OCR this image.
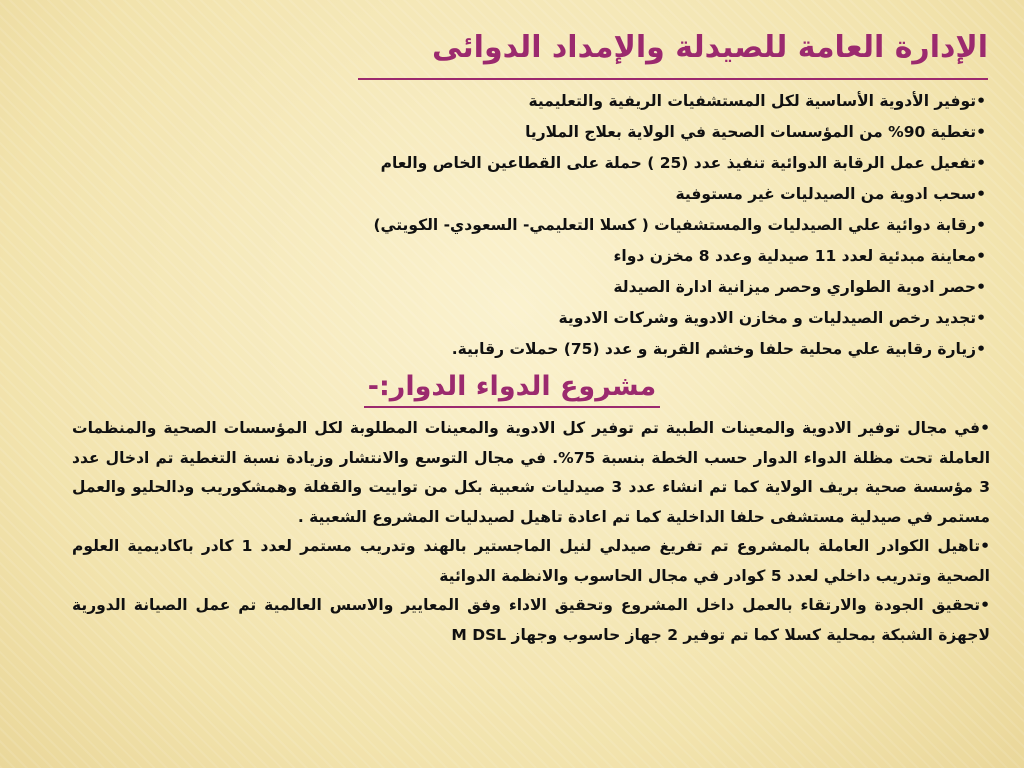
الإدارة العامة للصيدلة والإمداد الدوائى
•توفير الأدوية الأساسية لكل المستشفيات الريفية والتعليمية
•تغطية 90% من المؤسسات الصحية في الولاية بعلاج الملاريا
•تفعيل عمل الرقابة الدوائية تنفيذ عدد (25 ) حملة على القطاعين الخاص والعام
•سحب ادوية من الصيدليات غير مستوفية
•رقابة دوائية علي الصيدليات والمستشفيات ( كسلا التعليمي- السعودي- الكويتي)
•معاينة مبدئية لعدد 11 صيدلية وعدد 8 مخزن دواء
•حصر ادوية الطواري وحصر ميزانية ادارة الصيدلة
•تجديد رخص الصيدليات و مخازن الادوية وشركات الادوية
•زيارة رقابية علي محلية حلفا وخشم القربة و عدد (75) حملات رقابية.
مشروع الدواء الدوار:-
•في مجال توفير الادوية والمعينات الطبية تم توفير كل الادوية والمعينات المطلوبة لكل المؤسسات الصحية والمنظمات العاملة تحت مظلة الدواء الدوار حسب الخطة بنسبة 75%. في مجال التوسع والانتشار وزيادة نسبة التغطية تم ادخال عدد 3 مؤسسة صحية بريف الولاية كما تم انشاء عدد 3 صيدليات شعبية بكل من تواييت والقفلة وهمشكوريب ودالحليو والعمل مستمر في صيدلية مستشفى حلفا الداخلية كما تم اعادة تاهيل لصيدليات المشروع الشعبية .
•تاهيل الكوادر العاملة بالمشروع تم تفريغ صيدلي لنيل الماجستير بالهند وتدريب مستمر لعدد 1 كادر باكاديمية العلوم الصحية وتدريب داخلي لعدد 5 كوادر في مجال الحاسوب والانظمة الدوائية
•تحقيق الجودة والارتقاء بالعمل داخل المشروع وتحقيق الاداء وفق المعايير والاسس العالمية تم عمل الصيانة الدورية لاجهزة الشبكة بمحلية كسلا كما تم توفير 2 جهاز حاسوب وجهاز M DSL
